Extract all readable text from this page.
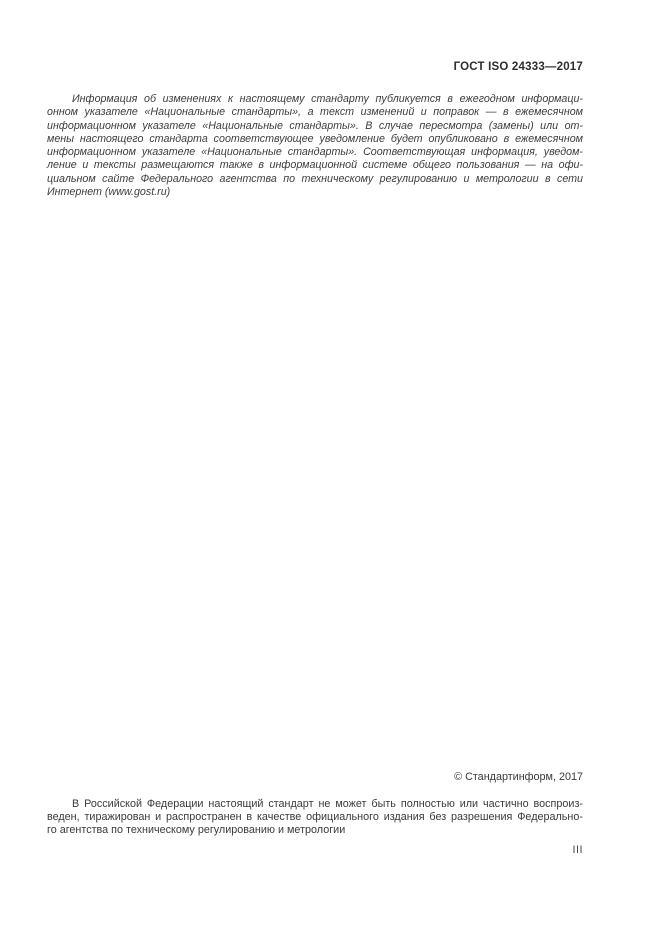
ГОСТ ISO 24333—2017
Информация об изменениях к настоящему стандарту публикуется в ежегодном информаци-
онном указателе «Национальные стандарты», а текст изменений и поправок — в ежемесячном
информационном указателе «Национальные стандарты». В случае пересмотра (замены) или от-
мены настоящего стандарта соответствующее уведомление будет опубликовано в ежемесячном
информационном указателе «Национальные стандарты». Соответствующая информация, уведом-
ление и тексты размещаются также в информационной системе общего пользования — на офи-
циальном сайте Федерального агентства по техническому регулированию и метрологии в сети
Интернет (www.gost.ru)
© Стандартинформ, 2017
В Российской Федерации настоящий стандарт не может быть полностью или частично воспроиз-
веден, тиражирован и распространен в качестве официального издания без разрешения Федерально-
го агентства по техническому регулированию и метрологии
III
